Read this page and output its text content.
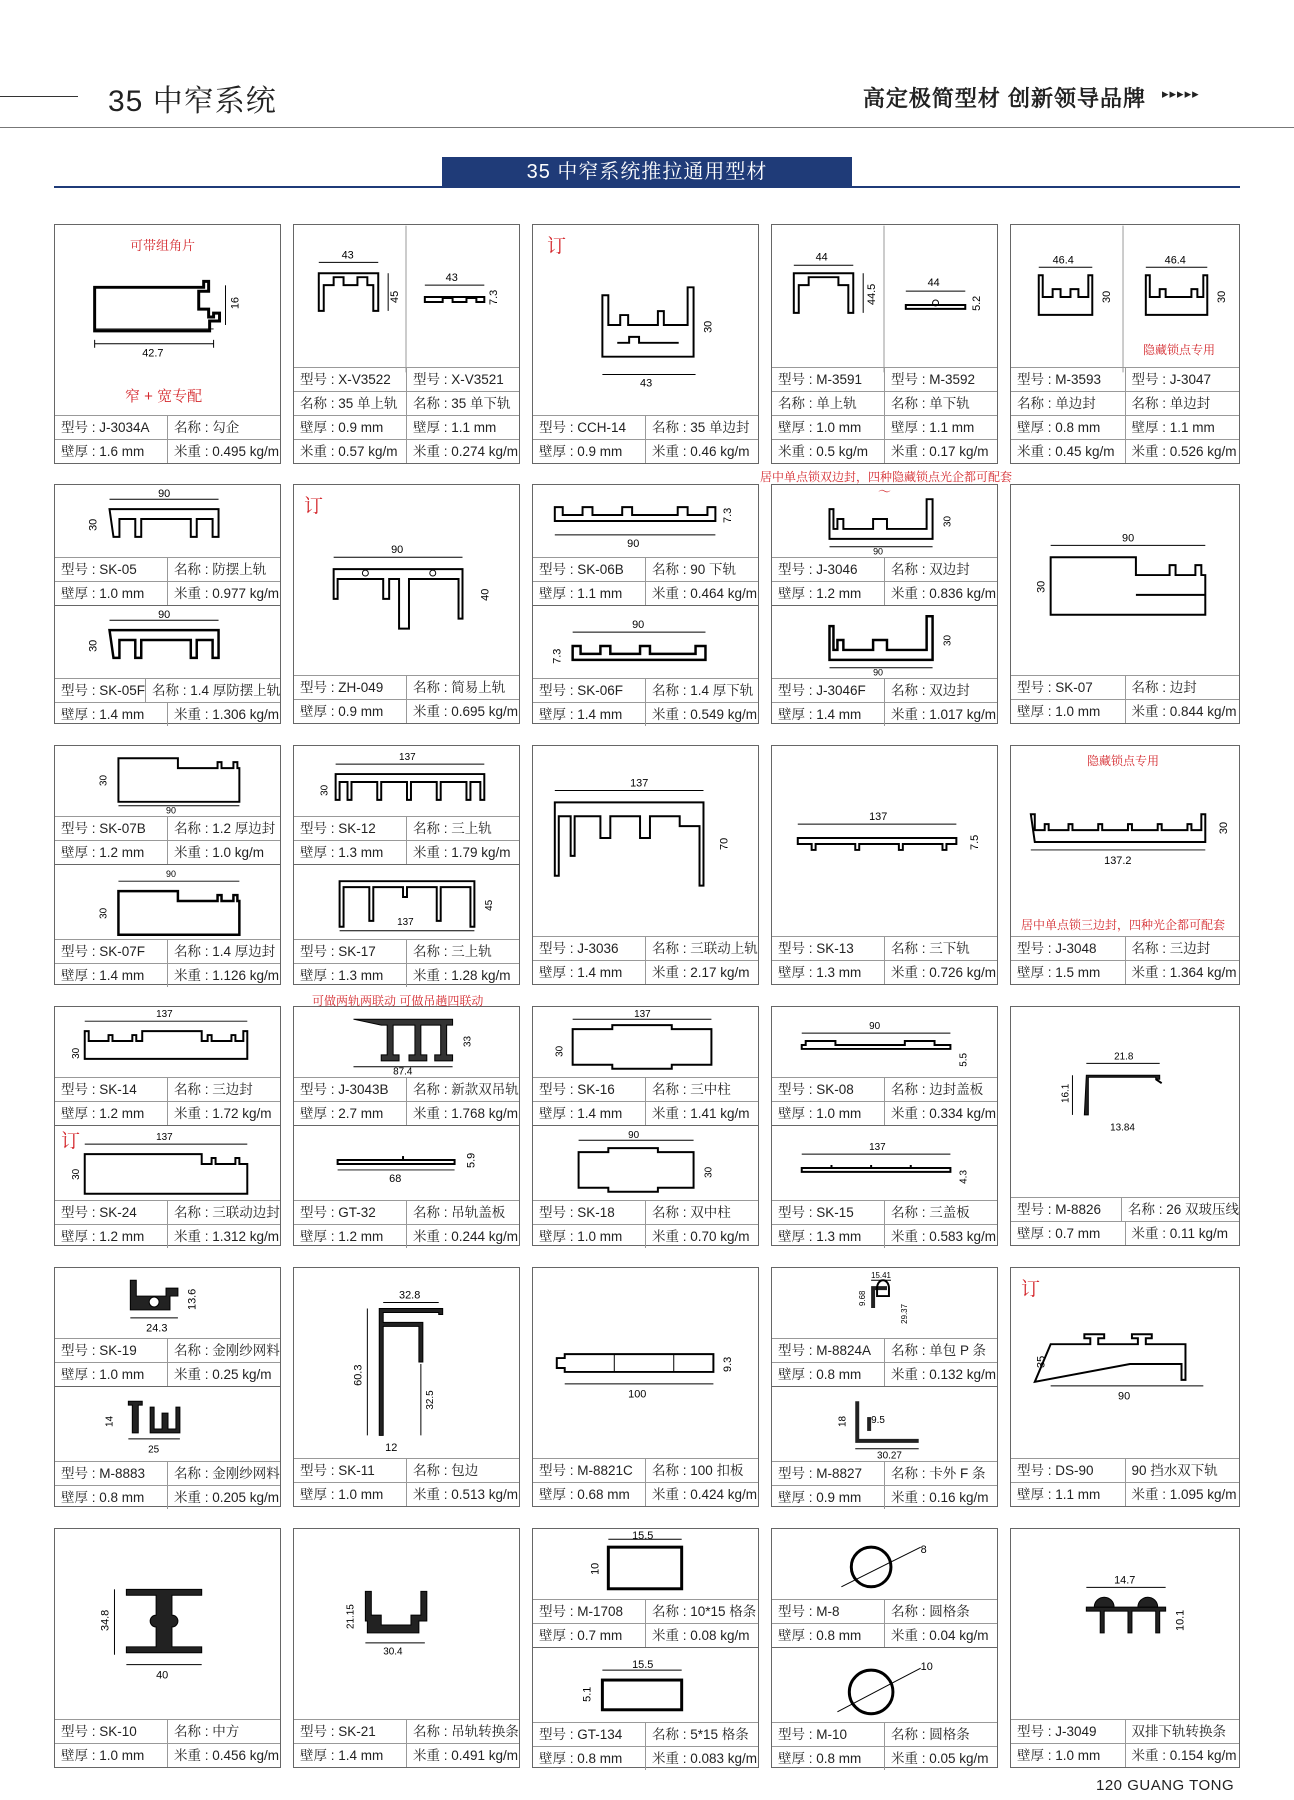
35 中窄系统	高定极简型材 创新领导品牌 ▸▸▸▸▸
35 中窄系统推拉通用型材
可带组角片
窄 + 宽专配
16
42.7
型号 : J-3034A	名称 : 勾企
壁厚 : 1.6 mm	米重 : 0.495 kg/m
43
45
43
7.3
型号 : X-V3522	型号 : X-V3521
名称 : 35 单上轨	名称 : 35 单下轨
壁厚 : 0.9 mm	壁厚 : 1.1 mm
米重 : 0.57 kg/m	米重 : 0.274 kg/m
订
43
30
型号 : CCH-14	名称 : 35 单边封
壁厚 : 0.9 mm	米重 : 0.46 kg/m
44
44.5
44
5.2
型号 : M-3591	型号 : M-3592
名称 : 单上轨	名称 : 单下轨
壁厚 : 1.0 mm	壁厚 : 1.1 mm
米重 : 0.5 kg/m	米重 : 0.17 kg/m
隐藏锁点专用
46.4
30
46.4
30
型号 : M-3593	型号 : J-3047
名称 : 单边封	名称 : 单边封
壁厚 : 0.8 mm	壁厚 : 1.1 mm
米重 : 0.45 kg/m	米重 : 0.526 kg/m
90
30
型号 : SK-05	名称 : 防摆上轨
壁厚 : 1.0 mm	米重 : 0.977 kg/m
90
30
型号 : SK-05F 名称 : 1.4 厚防摆上轨
壁厚 : 1.4 mm	米重 : 1.306 kg/m
订
90
40
型号 : ZH-049	名称 : 简易上轨
壁厚 : 0.9 mm	米重 : 0.695 kg/m
90
7.3
型号 : SK-06B	名称 : 90 下轨
壁厚 : 1.1 mm	米重 : 0.464 kg/m
90
7.3
型号 : SK-06F	名称 : 1.4 厚下轨
壁厚 : 1.4 mm	米重 : 0.549 kg/m
居中单点锁双边封，四种隐藏锁点光企都可配套
〜
90
30
型号 : J-3046	名称 : 双边封
壁厚 : 1.2 mm	米重 : 0.836 kg/m
90
30
型号 : J-3046F	名称 : 双边封
壁厚 : 1.4 mm	米重 : 1.017 kg/m
90
30
型号 : SK-07	名称 : 边封
壁厚 : 1.0 mm	米重 : 0.844 kg/m
90
30
型号 : SK-07B	名称 : 1.2 厚边封
壁厚 : 1.2 mm	米重 : 1.0 kg/m
90
30
型号 : SK-07F	名称 : 1.4 厚边封
壁厚 : 1.4 mm	米重 : 1.126 kg/m
137
30
型号 : SK-12	名称 : 三上轨
壁厚 : 1.3 mm	米重 : 1.79 kg/m
137
45
型号 : SK-17	名称 : 三上轨
壁厚 : 1.3 mm	米重 : 1.28 kg/m
137
70
型号 : J-3036	名称 : 三联动上轨
壁厚 : 1.4 mm	米重 : 2.17 kg/m
137
7.5
型号 : SK-13	名称 : 三下轨
壁厚 : 1.3 mm	米重 : 0.726 kg/m
隐藏锁点专用
居中单点锁三边封，四种光企都可配套
137.2
30
型号 : J-3048	名称 : 三边封
壁厚 : 1.5 mm	米重 : 1.364 kg/m
可做两轨两联动 可做吊趟四联动
137
30
型号 : SK-14	名称 : 三边封
壁厚 : 1.2 mm	米重 : 1.72 kg/m
订	137
30
型号 : SK-24	名称 : 三联动边封
壁厚 : 1.2 mm	米重 : 1.312 kg/m
87.4
33
型号 : J-3043B	名称 : 新款双吊轨
壁厚 : 2.7 mm	米重 : 1.768 kg/m
68
5.9
型号 : GT-32	名称 : 吊轨盖板
壁厚 : 1.2 mm	米重 : 0.244 kg/m
137
30
型号 : SK-16	名称 : 三中柱
壁厚 : 1.4 mm	米重 : 1.41 kg/m
90
30
型号 : SK-18	名称 : 双中柱
壁厚 : 1.0 mm	米重 : 0.70 kg/m
90
5.5
型号 : SK-08	名称 : 边封盖板
壁厚 : 1.0 mm	米重 : 0.334 kg/m
137
4.3
型号 : SK-15	名称 : 三盖板
壁厚 : 1.3 mm	米重 : 0.583 kg/m
21.8
16.1
13.84
型号 : M-8826	名称 : 26 双玻压线
壁厚 : 0.7 mm	米重 : 0.11 kg/m
24.3
13.6
型号 : SK-19	名称 : 金刚纱网料
壁厚 : 1.0 mm	米重 : 0.25 kg/m
25
14
型号 : M-8883	名称 : 金刚纱网料
壁厚 : 0.8 mm	米重 : 0.205 kg/m
32.8
60.3
32.5
12
型号 : SK-11	名称 : 包边
壁厚 : 1.0 mm	米重 : 0.513 kg/m
100
9.3
型号 : M-8821C	名称 : 100 扣板
壁厚 : 0.68 mm	米重 : 0.424 kg/m
15.41
9.68
29.37
型号 : M-8824A	名称 : 单包 P 条
壁厚 : 0.8 mm	米重 : 0.132 kg/m
30.27
9.5
18
型号 : M-8827	名称 : 卡外 F 条
壁厚 : 0.9 mm	米重 : 0.16 kg/m
订
90
35
型号 : DS-90	90 挡水双下轨
壁厚 : 1.1 mm	米重 : 1.095 kg/m
34.8
40
型号 : SK-10	名称 : 中方
壁厚 : 1.0 mm	米重 : 0.456 kg/m
30.4
21.15
型号 : SK-21	名称 : 吊轨转换条
壁厚 : 1.4 mm	米重 : 0.491 kg/m
15.5
10
型号 : M-1708	名称 : 10*15 格条
壁厚 : 0.7 mm	米重 : 0.08 kg/m
15.5
5.1
型号 : GT-134	名称 : 5*15 格条
壁厚 : 0.8 mm	米重 : 0.083 kg/m
8
型号 : M-8	名称 : 圆格条
壁厚 : 0.8 mm	米重 : 0.04 kg/m
10
型号 : M-10	名称 : 圆格条
壁厚 : 0.8 mm	米重 : 0.05 kg/m
14.7
10.1
型号 : J-3049	双排下轨转换条
壁厚 : 1.0 mm	米重 : 0.154 kg/m
120 GUANG TONG
